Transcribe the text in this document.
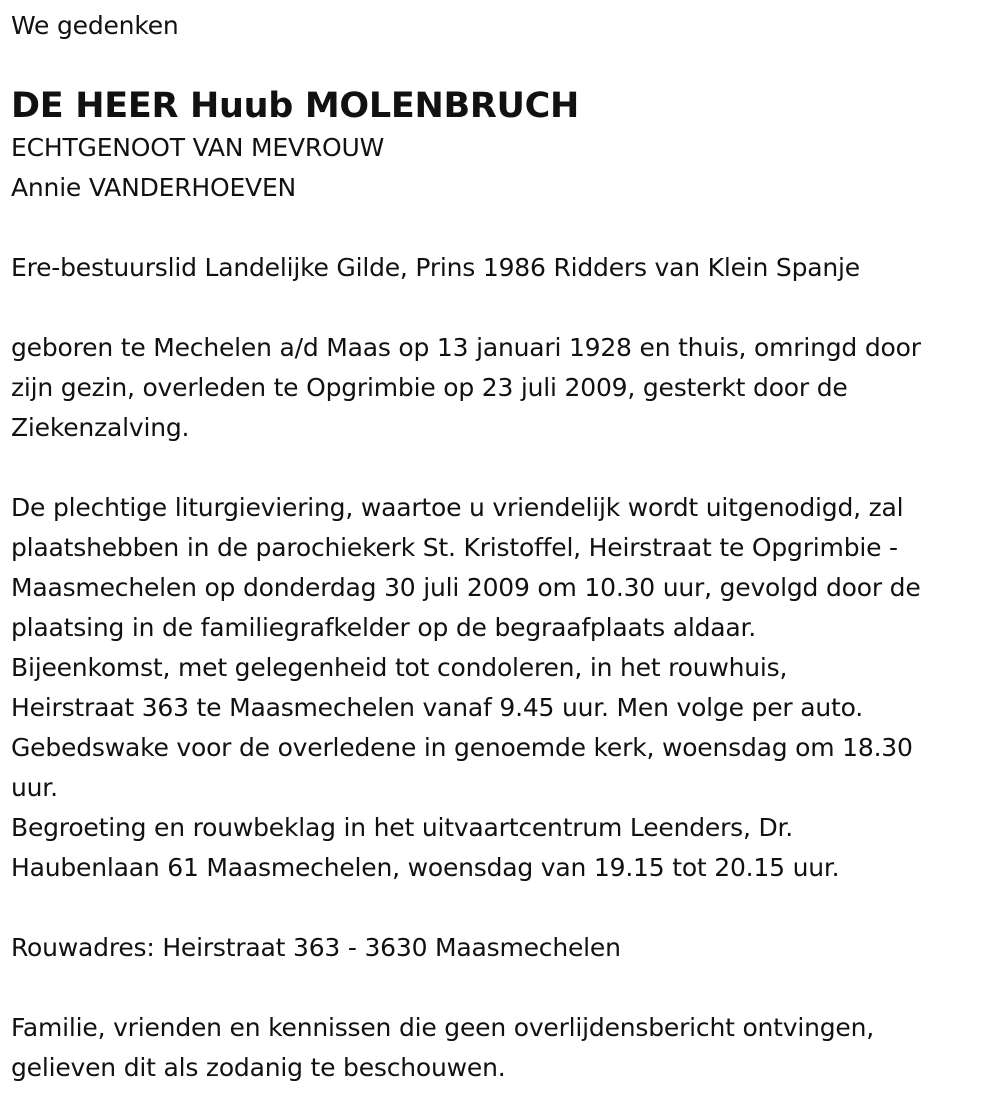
We gedenken
DE HEER Huub MOLENBRUCH
ECHTGENOOT VAN MEVROUW
Annie VANDERHOEVEN
Ere-bestuurslid Landelijke Gilde, Prins 1986 Ridders van Klein Spanje
geboren te Mechelen a/d Maas op 13 januari 1928 en thuis, omringd door
zijn gezin, overleden te Opgrimbie op 23 juli 2009, gesterkt door de
Ziekenzalving.
De plechtige liturgieviering, waartoe u vriendelijk wordt uitgenodigd, zal
plaatshebben in de parochiekerk St. Kristoffel, Heirstraat te Opgrimbie -
Maasmechelen op donderdag 30 juli 2009 om 10.30 uur, gevolgd door de
plaatsing in de familiegrafkelder op de begraafplaats aldaar.
Bijeenkomst, met gelegenheid tot condoleren, in het rouwhuis,
Heirstraat 363 te Maasmechelen vanaf 9.45 uur. Men volge per auto.
Gebedswake voor de overledene in genoemde kerk, woensdag om 18.30
uur.
Begroeting en rouwbeklag in het uitvaartcentrum Leenders, Dr.
Haubenlaan 61 Maasmechelen, woensdag van 19.15 tot 20.15 uur.
Rouwadres: Heirstraat 363 - 3630 Maasmechelen
Familie, vrienden en kennissen die geen overlijdensbericht ontvingen,
gelieven dit als zodanig te beschouwen.
